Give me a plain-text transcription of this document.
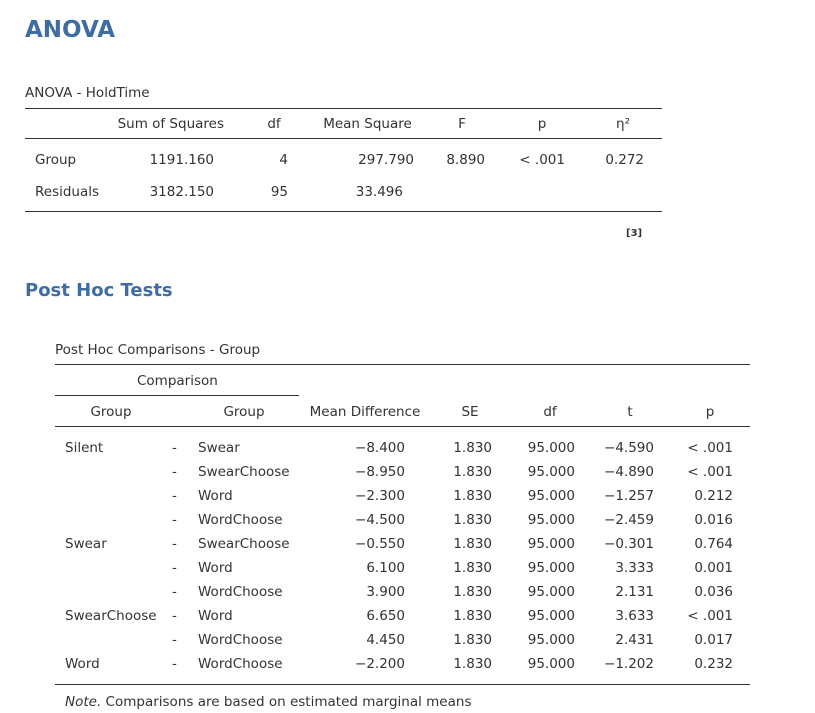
ANOVA
ANOVA - HoldTime
Sum of Squares	df	Mean Square	F	p	η²
Group	1191.160	4	297.790	8.890	< .001	0.272
Residuals	3182.150	95	33.496
[3]
Post Hoc Tests
Post Hoc Comparisons - Group
Comparison
Group	Group	Mean Difference	SE	df	t	p
Silent	- Swear	−8.400	1.830	95.000	−4.590	< .001
- SwearChoose	−8.950	1.830	95.000	−4.890	< .001
- Word	−2.300	1.830	95.000	−1.257	0.212
- WordChoose	−4.500	1.830	95.000	−2.459	0.016
Swear	- SwearChoose	−0.550	1.830	95.000	−0.301	0.764
- Word	6.100	1.830	95.000	3.333	0.001
- WordChoose	3.900	1.830	95.000	2.131	0.036
SwearChoose - Word	6.650	1.830	95.000	3.633	< .001
- WordChoose	4.450	1.830	95.000	2.431	0.017
Word	- WordChoose	−2.200	1.830	95.000	−1.202	0.232
Note. Comparisons are based on estimated marginal means
